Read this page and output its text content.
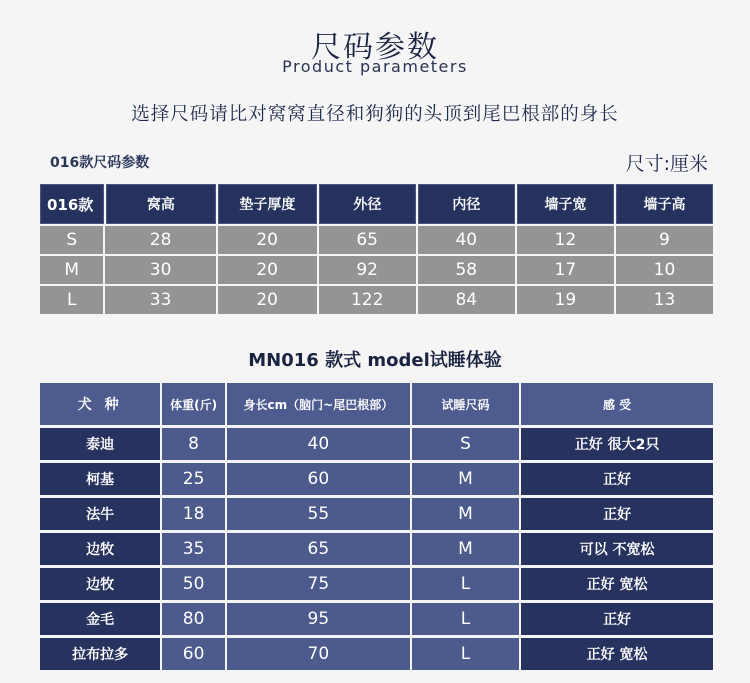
尺码参数
Product parameters
选择尺码请比对窝窝直径和狗狗的头顶到尾巴根部的身长
016款尺码参数	尺寸:厘米
016款	窝高	垫子厚度	外径	内径	墙子宽	墙子高
S	28	20	65	40	12	9
M	30	20	92	58	17	10
L	33	20	122	84	19	13
MN016 款式 model试睡体验
犬 种	体重(斤)	身长cm（脑门~尾巴根部）	试睡尺码	感 受
泰迪	8	40	S	正好 很大2只
柯基	25	60	M	正好
法牛	18	55	M	正好
边牧	35	65	M	可以 不宽松
边牧	50	75	L	正好 宽松
金毛	80	95	L	正好
拉布拉多	60	70	L	正好 宽松
